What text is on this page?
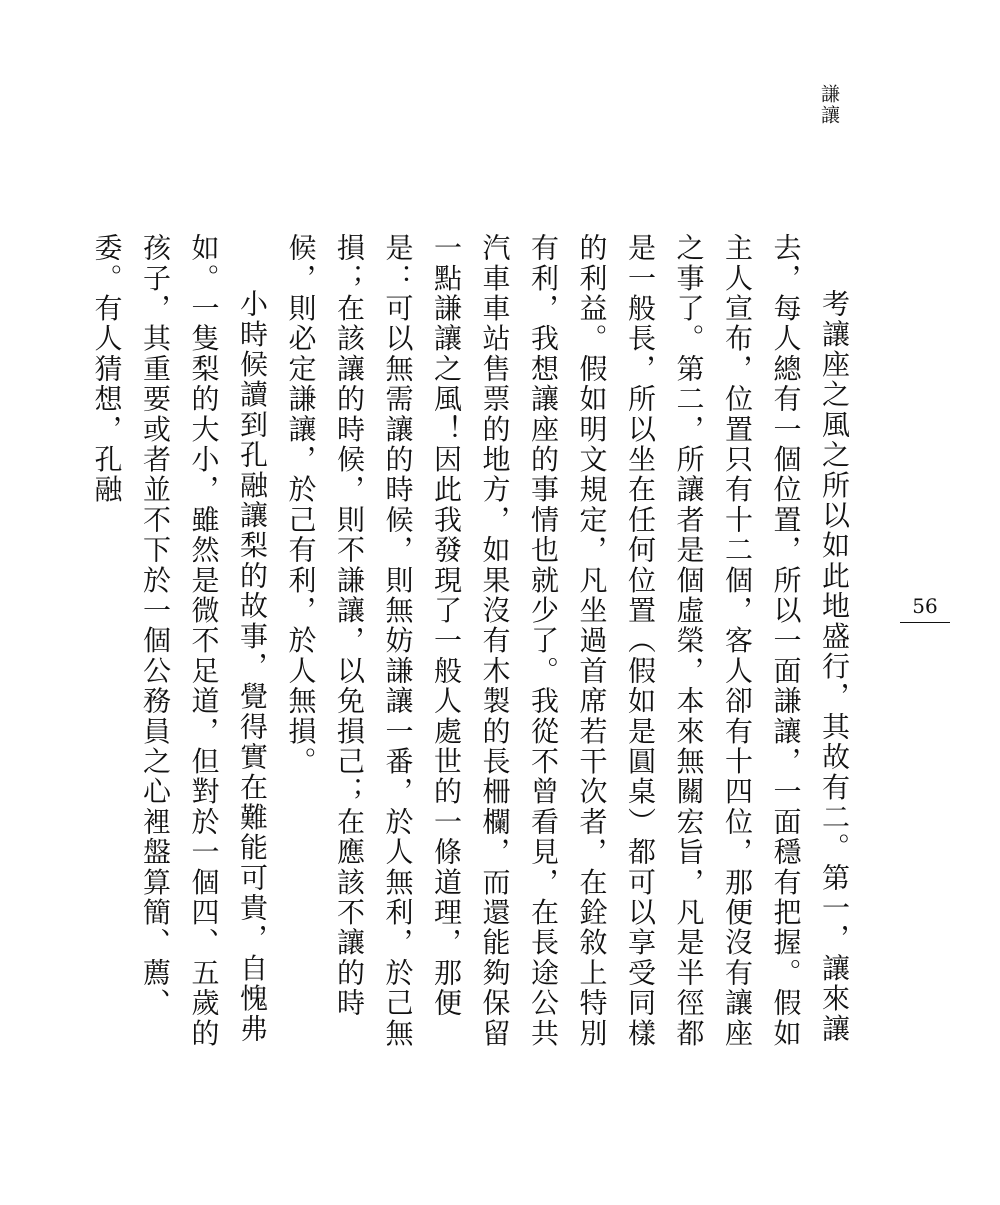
謙讓
56

考讓座之風之所以如此地盛行，其故有二。第一，讓來讓去，每人總有一個位置，所以一面謙讓，一面穩有把握。假如主人宣布，位置只有十二個，客人卻有十四位，那便沒有讓座之事了。第二，所讓者是個虛榮，本來無關宏旨，凡是半徑都是一般長，所以坐在任何位置（假如是圓桌）都可以享受同樣的利益。假如明文規定，凡坐過首席若干次者，在銓敘上特別有利，我想讓座的事情也就少了。我從不曾看見，在長途公共汽車車站售票的地方，如果沒有木製的長柵欄，而還能夠保留一點謙讓之風！因此我發現了一般人處世的一條道理，那便是：可以無需讓的時候，則無妨謙讓一番，於人無利，於己無損；在該讓的時候，則不謙讓，以免損己；在應該不讓的時候，則必定謙讓，於己有利，於人無損。

小時候讀到孔融讓梨的故事，覺得實在難能可貴，自愧弗如。一隻梨的大小，雖然是微不足道，但對於一個四、五歲的孩子，其重要或者並不下於一個公務員之心裡盤算簡、薦、委。有人猜想，孔融
